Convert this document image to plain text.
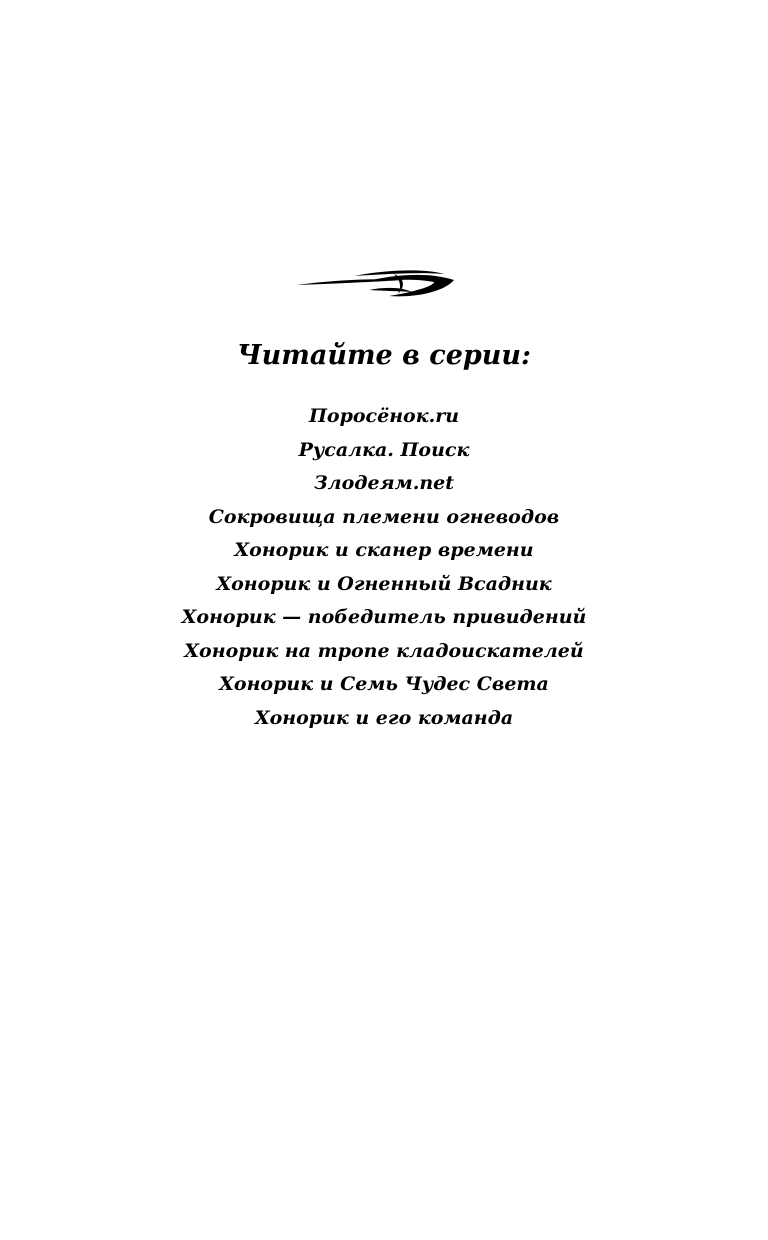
Читайте в серии:
Поросёнок.ru
Русалка. Поиск
Злодеям.net
Сокровища племени огневодов
Хонорик и сканер времени
Хонорик и Огненный Всадник
Хонорик — победитель привидений
Хонорик на тропе кладоискателей
Хонорик и Семь Чудес Света
Хонорик и его команда
